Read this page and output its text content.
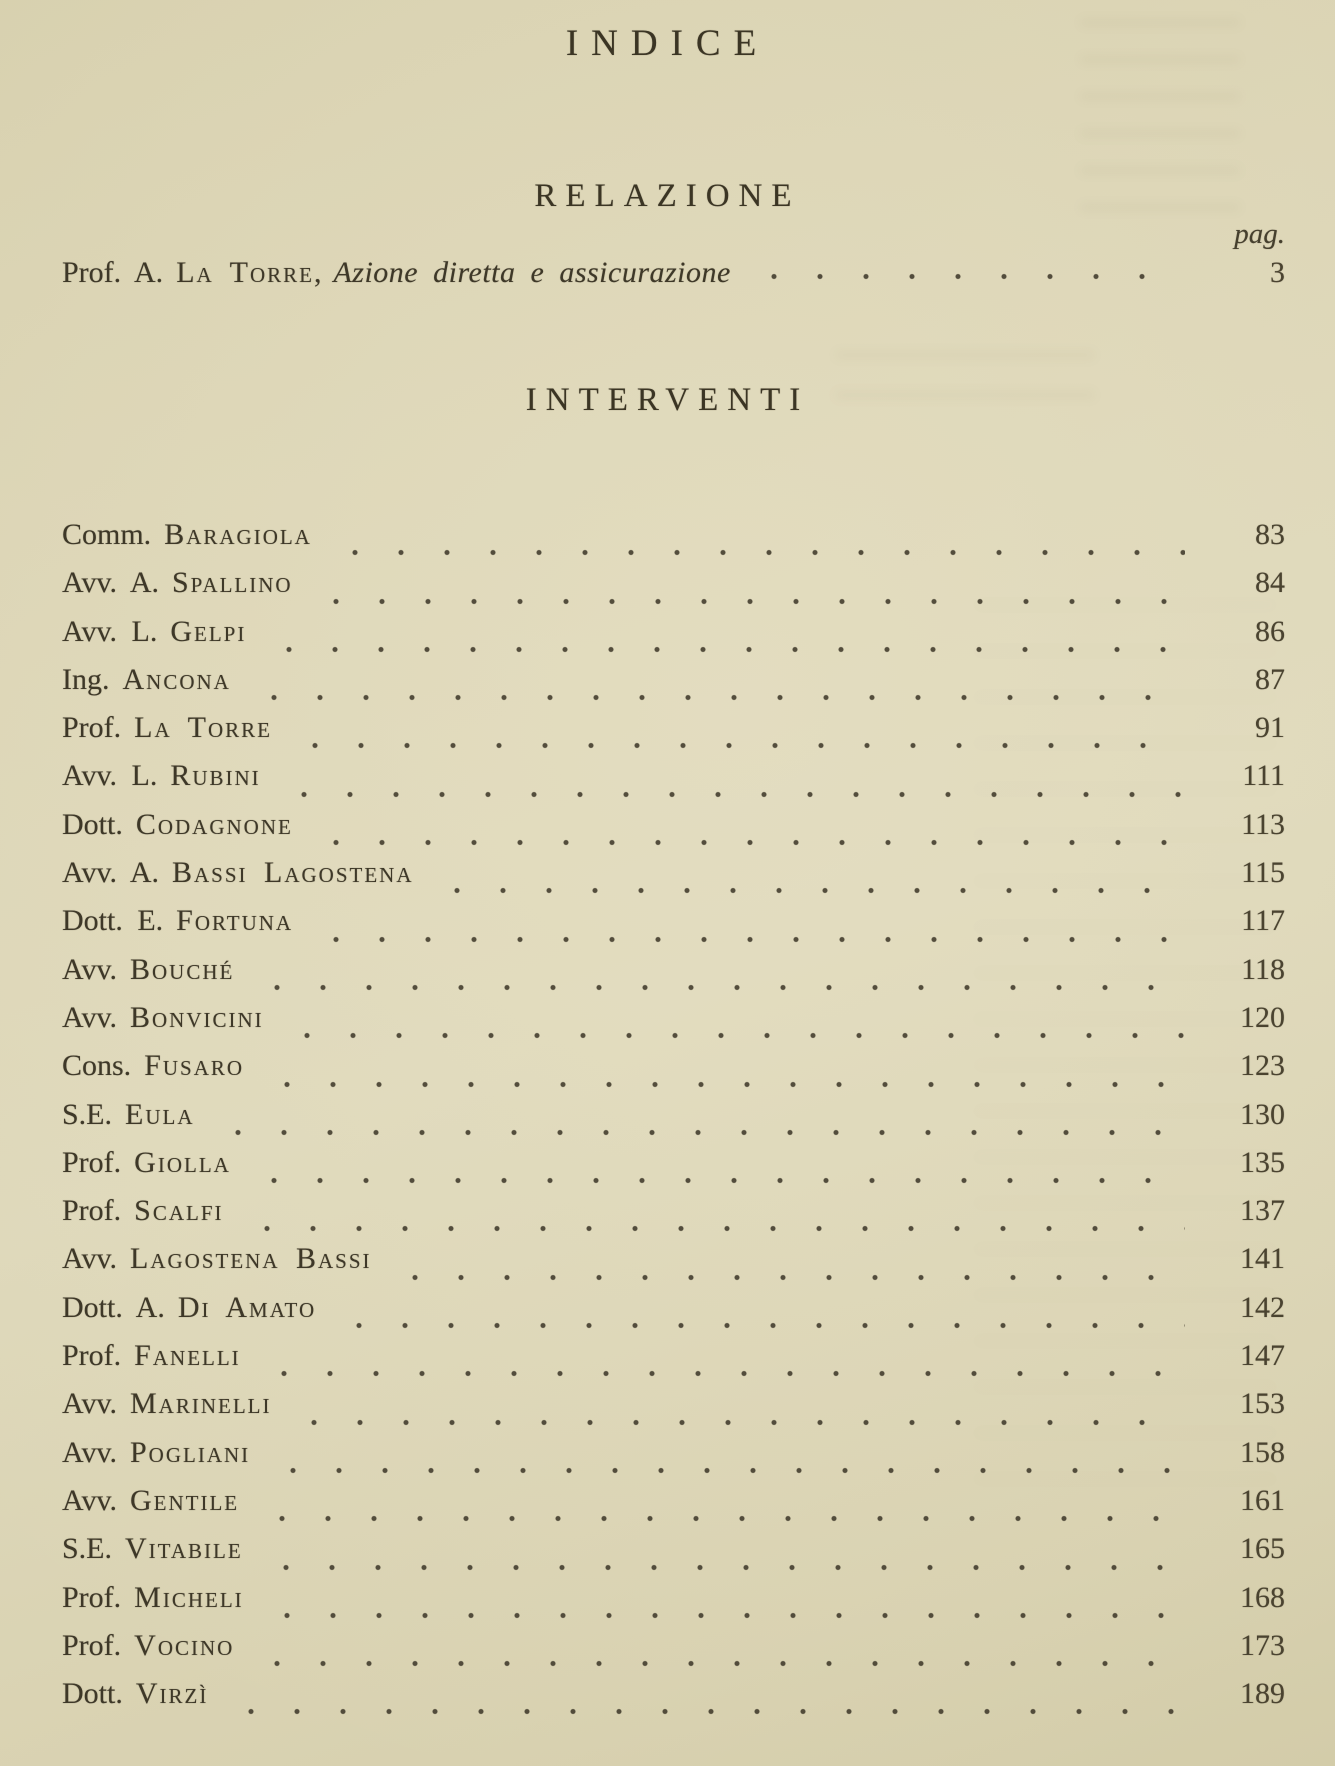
INDICE
RELAZIONE
pag.
Prof. A. La Torre , Azione diretta e assicurazione	3
INTERVENTI
Comm. Baragiola	83
Avv. A. Spallino	84
Avv. L. Gelpi	86
Ing. Ancona	87
Prof. La Torre	91
Avv. L. Rubini	111
Dott. Codagnone	113
Avv. A. Bassi Lagostena	115
Dott. E. Fortuna	117
Avv. Bouché	118
Avv. Bonvicini	120
Cons. Fusaro	123
S.E. Eula	130
Prof. Giolla	135
Prof. Scalfi	137
Avv. Lagostena Bassi	141
Dott. A. Di Amato	142
Prof. Fanelli	147
Avv. Marinelli	153
Avv. Pogliani	158
Avv. Gentile	161
S.E. Vitabile	165
Prof. Micheli	168
Prof. Vocino	173
Dott. Virzì	189
